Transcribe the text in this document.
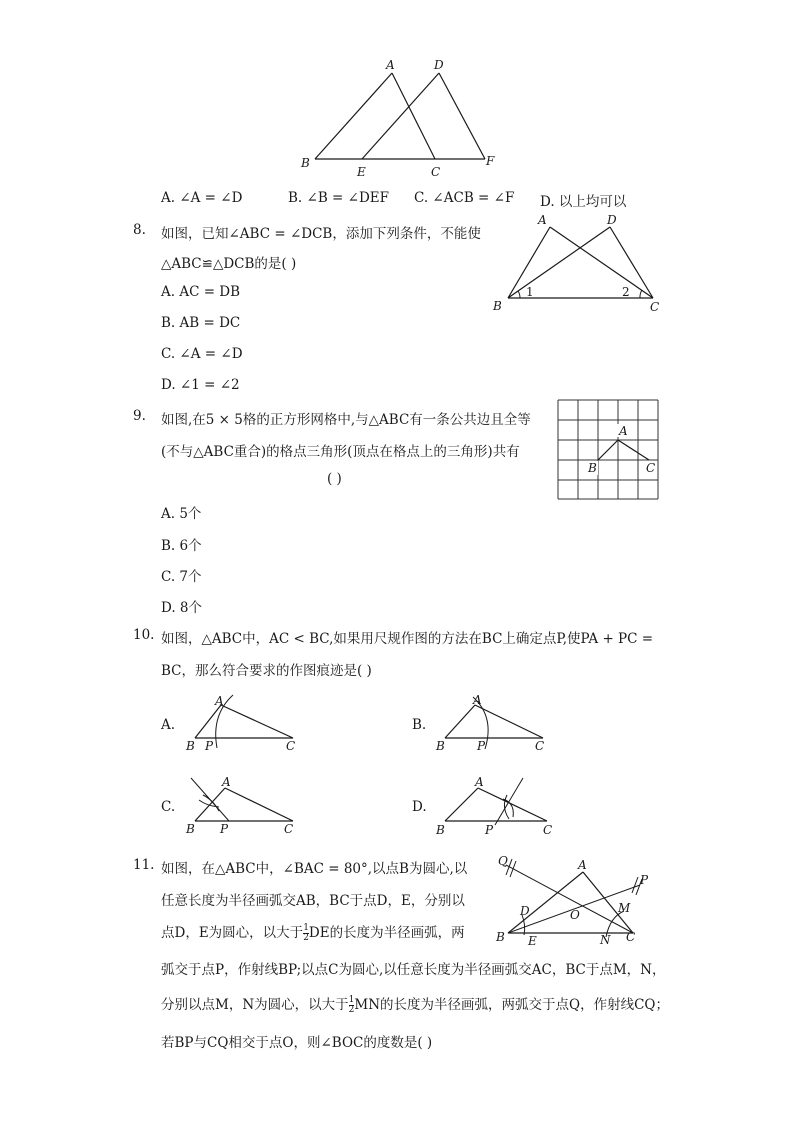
A	D
B
E	C
F
A. ∠A = ∠D	B. ∠B = ∠DEF C. ∠ACB = ∠F D. 以上均可以
8. 如图，已知∠ABC = ∠DCB，添加下列条件，不能使
△ABC≌△DCB的是( )
A. AC = DB
B. AB = DC
C. ∠A = ∠D
D. ∠1 = ∠2
A	D
B	C
1	2
9. 如图,在5 × 5格的正方形网格中,与△ABC有一条公共边且全等
(不与△ABC重合)的格点三角形(顶点在格点上的三角形)共有
( )
A. 5个
B. 6个
C. 7个
D. 8个
A
B	C
10. 如图，△ABC中，AC < BC,如果用尺规作图的方法在BC上确定点P,使PA + PC =
BC，那么符合要求的作图痕迹是( )
A.
A
B P	C
B.
A
B	P	C
C.
A
B P	C
D.
A
B	P	C
11. 如图，在△ABC中，∠BAC = 80°,以点B为圆心,以
任意长度为半径画弧交AB，BC于点D，E，分别以
点D，E为圆心，以大于 $\frac{1}{2}$ DE的长度为半径画弧，两
弧交于点P，作射线BP;以点C为圆心,以任意长度为半径画弧交AC，BC于点M，N，
分别以点M，N为圆心，以大于 $\frac{1}{2}$ MN的长度为半径画弧，两弧交于点Q，作射线CQ；
若BP与CQ相交于点O，则∠BOC的度数是( )
Q	A
P
D	O	M
B E	N C
